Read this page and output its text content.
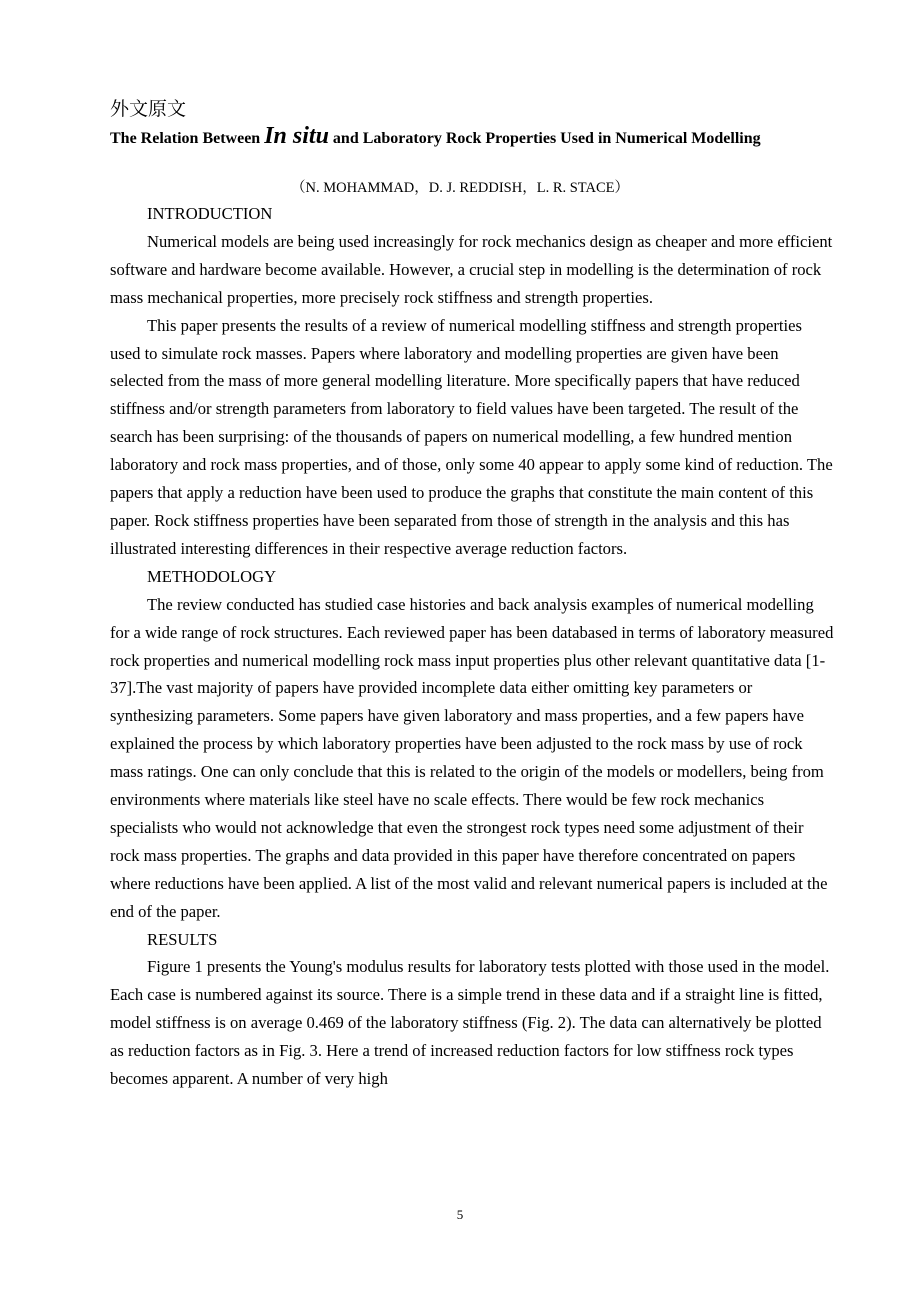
外文原文
The Relation Between In situ and Laboratory Rock Properties Used in Numerical Modelling
（N. MOHAMMAD，D. J. REDDISH，L. R. STACE）
INTRODUCTION

Numerical models are being used increasingly for rock mechanics design as cheaper and more efficient software and hardware become available. However, a crucial step in modelling is the determination of rock mass mechanical properties, more precisely rock stiffness and strength properties.

This paper presents the results of a review of numerical modelling stiffness and strength properties used to simulate rock masses. Papers where laboratory and modelling properties are given have been selected from the mass of more general modelling literature. More specifically papers that have reduced stiffness and/or strength parameters from laboratory to field values have been targeted. The result of the search has been surprising: of the thousands of papers on numerical modelling, a few hundred mention laboratory and rock mass properties, and of those, only some 40 appear to apply some kind of reduction. The papers that apply a reduction have been used to produce the graphs that constitute the main content of this paper. Rock stiffness properties have been separated from those of strength in the analysis and this has illustrated interesting differences in their respective average reduction factors.

METHODOLOGY

The review conducted has studied case histories and back analysis examples of numerical modelling for a wide range of rock structures. Each reviewed paper has been databased in terms of laboratory measured rock properties and numerical modelling rock mass input properties plus other relevant quantitative data [1-37].The vast majority of papers have provided incomplete data either omitting key parameters or synthesizing parameters. Some papers have given laboratory and mass properties, and a few papers have explained the process by which laboratory properties have been adjusted to the rock mass by use of rock mass ratings. One can only conclude that this is related to the origin of the models or modellers, being from environments where materials like steel have no scale effects. There would be few rock mechanics specialists who would not acknowledge that even the strongest rock types need some adjustment of their rock mass properties. The graphs and data provided in this paper have therefore concentrated on papers where reductions have been applied. A list of the most valid and relevant numerical papers is included at the end of the paper.

RESULTS

Figure 1 presents the Young's modulus results for laboratory tests plotted with those used in the model. Each case is numbered against its source. There is a simple trend in these data and if a straight line is fitted, model stiffness is on average 0.469 of the laboratory stiffness (Fig. 2). The data can alternatively be plotted as reduction factors as in Fig. 3. Here a trend of increased reduction factors for low stiffness rock types becomes apparent. A number of very high

5
